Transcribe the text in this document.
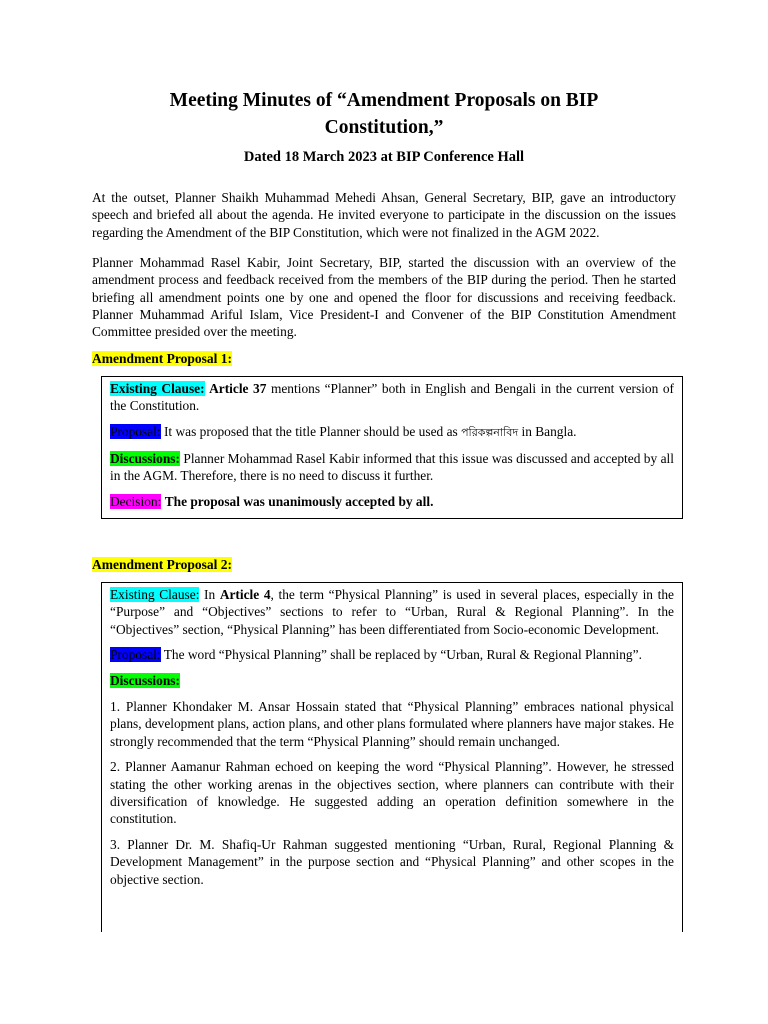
Meeting Minutes of “Amendment Proposals on BIP
Constitution,”
Dated 18 March 2023 at BIP Conference Hall

At the outset, Planner Shaikh Muhammad Mehedi Ahsan, General Secretary, BIP, gave an introductory speech and briefed all about the agenda. He invited everyone to participate in the discussion on the issues regarding the Amendment of the BIP Constitution, which were not finalized in the AGM 2022.

Planner Mohammad Rasel Kabir, Joint Secretary, BIP, started the discussion with an overview of the amendment process and feedback received from the members of the BIP during the period. Then he started briefing all amendment points one by one and opened the floor for discussions and receiving feedback. Planner Muhammad Ariful Islam, Vice President-I and Convener of the BIP Constitution Amendment Committee presided over the meeting.

Amendment Proposal 1:

Existing Clause: Article 37 mentions “Planner” both in English and Bengali in the current version of the Constitution.

Proposal: It was proposed that the title Planner should be used as পরিকল্পনাবিদ in Bangla.

Discussions: Planner Mohammad Rasel Kabir informed that this issue was discussed and accepted by all in the AGM. Therefore, there is no need to discuss it further.

Decision: The proposal was unanimously accepted by all.

Amendment Proposal 2:

Existing Clause: In Article 4, the term “Physical Planning” is used in several places, especially in the “Purpose” and “Objectives” sections to refer to “Urban, Rural & Regional Planning”. In the “Objectives” section, “Physical Planning” has been differentiated from Socio-economic Development.

Proposal: The word “Physical Planning” shall be replaced by “Urban, Rural & Regional Planning”.

Discussions:

1. Planner Khondaker M. Ansar Hossain stated that “Physical Planning” embraces national physical plans, development plans, action plans, and other plans formulated where planners have major stakes. He strongly recommended that the term “Physical Planning” should remain unchanged.

2. Planner Aamanur Rahman echoed on keeping the word “Physical Planning”. However, he stressed stating the other working arenas in the objectives section, where planners can contribute with their diversification of knowledge. He suggested adding an operation definition somewhere in the constitution.

3. Planner Dr. M. Shafiq-Ur Rahman suggested mentioning “Urban, Rural, Regional Planning & Development Management” in the purpose section and “Physical Planning” and other scopes in the objective section.
